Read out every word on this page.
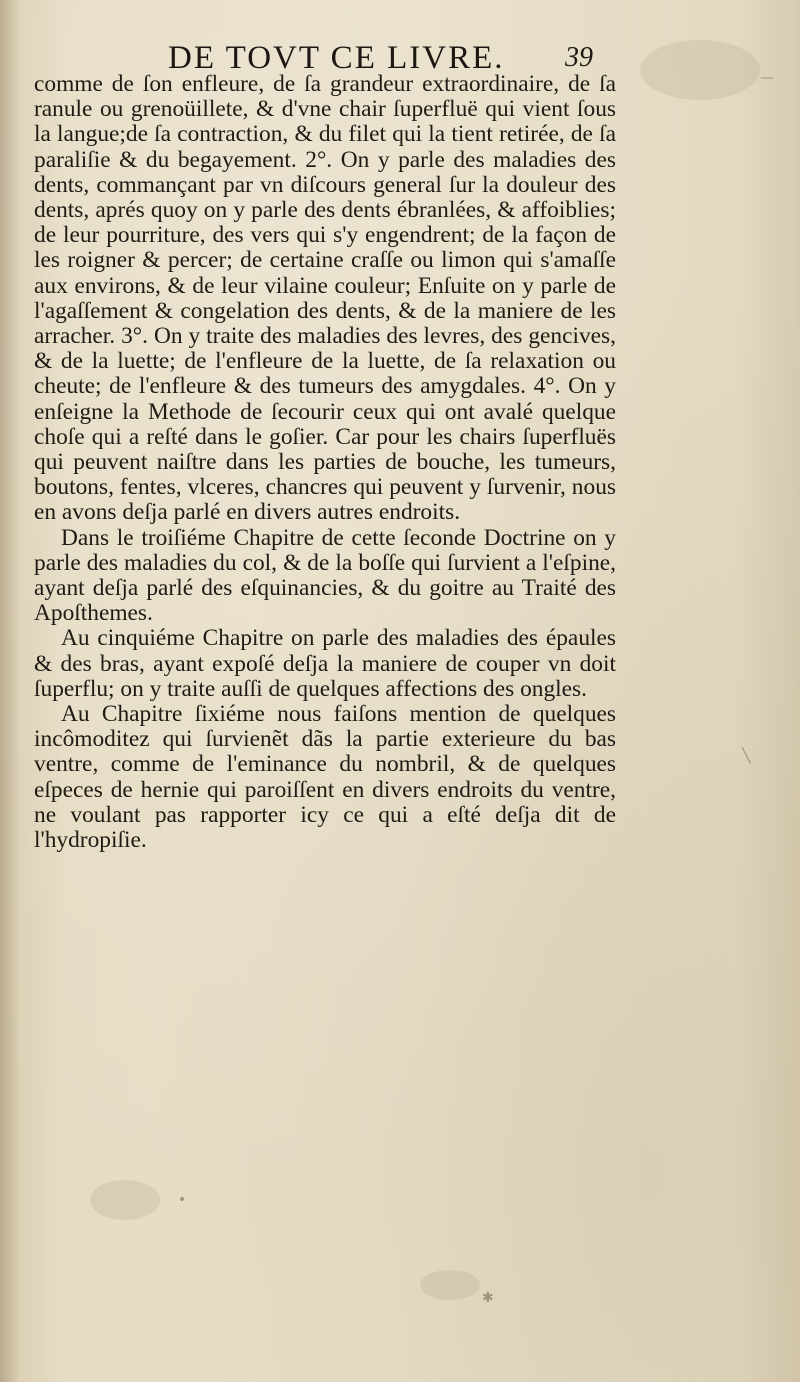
—
╲
•
✱
DE TOVT CE LIVRE. 39

comme de ſon enfleure, de ſa grandeur extraordinaire, de ſa ranule ou grenoüillete, & d'vne chair ſuperfluë qui vient ſous la langue;de ſa contraction, & du filet qui la tient retirée, de ſa paraliſie & du begayement. 2°. On y parle des maladies des dents, commançant par vn diſcours general ſur la douleur des dents, aprés quoy on y parle des dents ébranlées, & affoiblies; de leur pourriture, des vers qui s'y engendrent; de la façon de les roigner & percer; de certaine craſſe ou limon qui s'amaſſe aux environs, & de leur vilaine couleur; Enſuite on y parle de l'agaſſement & congelation des dents, & de la maniere de les arracher. 3°. On y traite des maladies des levres, des gencives, & de la luette; de l'enfleure de la luette, de ſa relaxation ou cheute; de l'enfleure & des tumeurs des amygdales. 4°. On y enſeigne la Methode de ſecourir ceux qui ont avalé quelque choſe qui a reſté dans le goſier. Car pour les chairs ſuperfluës qui peuvent naiſtre dans les parties de bouche, les tumeurs, boutons, fentes, vlceres, chancres qui peuvent y ſurvenir, nous en avons deſja parlé en divers autres endroits.

Dans le troiſiéme Chapitre de cette ſeconde Doctrine on y parle des maladies du col, & de la boſſe qui ſurvient a l'eſpine, ayant deſja parlé des eſquinancies, & du goitre au Traité des Apoſthemes.

Au cinquiéme Chapitre on parle des maladies des épaules & des bras, ayant expoſé deſja la maniere de couper vn doit ſuperflu; on y traite auſſi de quelques affections des ongles.

Au Chapitre ſixiéme nous faiſons mention de quelques incômoditez qui ſurvienẽt dãs la partie exterieure du bas ventre, comme de l'eminance du nombril, & de quelques eſpeces de hernie qui paroiſſent en divers endroits du ventre, ne voulant pas rapporter icy ce qui a eſté deſja dit de l'hydropiſie.
